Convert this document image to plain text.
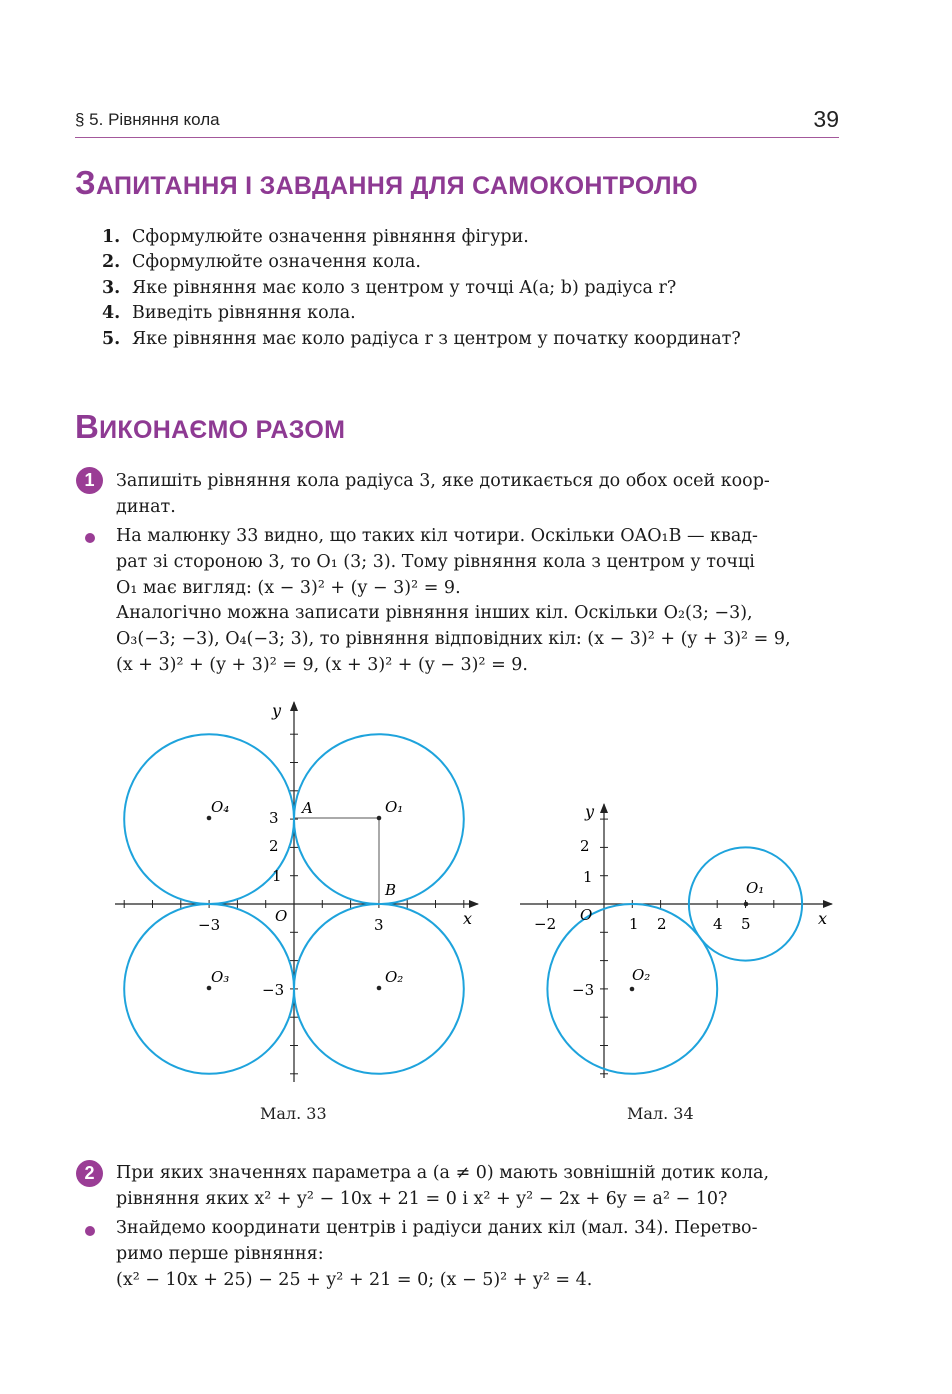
§ 5. Рівняння кола	39
ЗАПИТАННЯ І ЗАВДАННЯ ДЛЯ САМОКОНТРОЛЮ
1. Сформулюйте означення рівняння фігури.
2. Сформулюйте означення кола.
3. Яке рівняння має коло з центром у точці A(a; b) радіуса r?
4. Виведіть рівняння кола.
5. Яке рівняння має коло радіуса r з центром у початку координат?
ВИКОНАЄМО РАЗОМ
1	Запишіть рівняння кола радіуса 3, яке дотикається до обох осей коор-
динат.
На малюнку 33 видно, що таких кіл чотири. Оскільки OAO₁B — квад-
рат зі стороною 3, то O₁ (3; 3). Тому рівняння кола з центром у точці
O₁ має вигляд: (x − 3)² + (y − 3)² = 9.
Аналогічно можна записати рівняння інших кіл. Оскільки O₂(3; −3),
O₃(−3; −3), O₄(−3; 3), то рівняння відповідних кіл: (x − 3)² + (y + 3)² = 9,
(x + 3)² + (y + 3)² = 9, (x + 3)² + (y − 3)² = 9.
y
x
O
A
B
3
2
1
−3
−3	3
O₁
O₂
O₃
O₄	y
x
O
2
1
−3
−2	1 2	4 5
O₁
O₂
Мал. 33	Мал. 34
2	При яких значеннях параметра a (a ≠ 0) мають зовнішній дотик кола,
рівняння яких x² + y² − 10x + 21 = 0 і x² + y² − 2x + 6y = a² − 10?
Знайдемо координати центрів і радіуси даних кіл (мал. 34). Перетво-
римо перше рівняння:
(x² − 10x + 25) − 25 + y² + 21 = 0; (x − 5)² + y² = 4.
